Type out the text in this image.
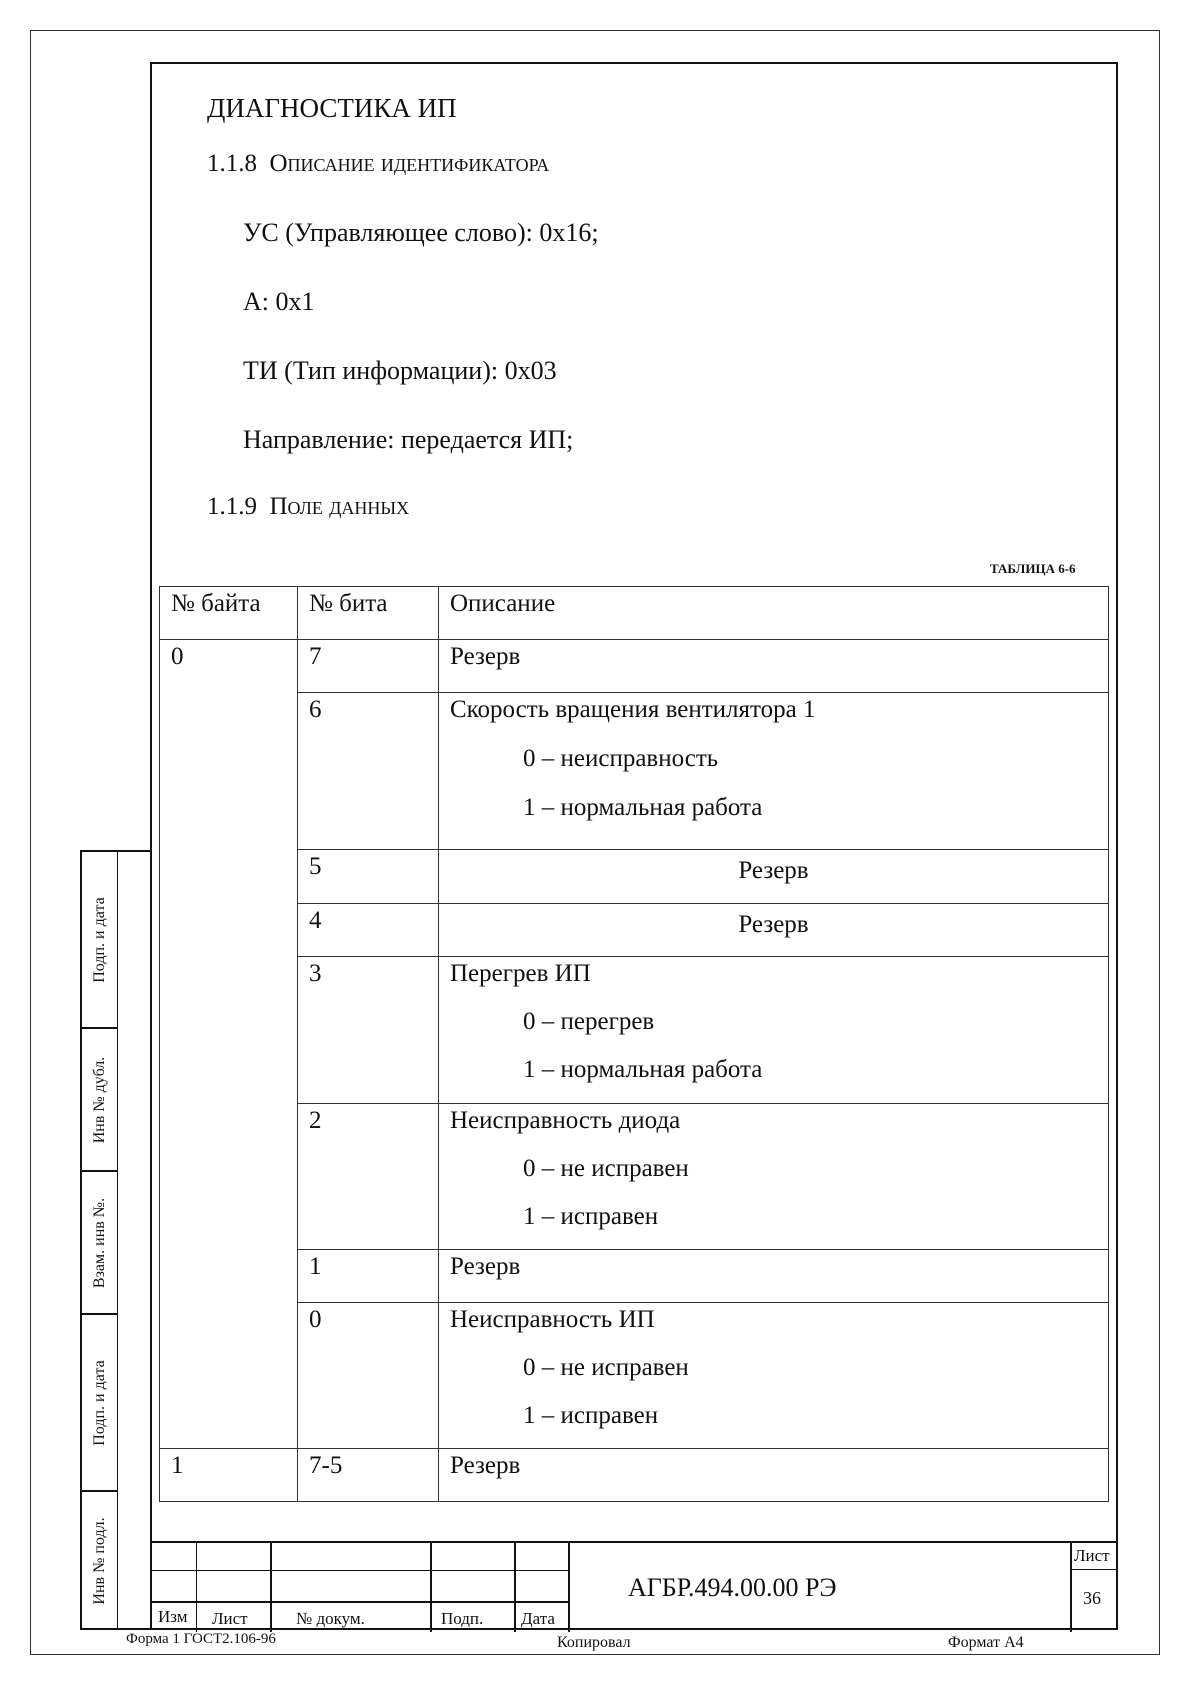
ДИАГНОСТИКА ИП
1.1.8 Описание идентификатора
УС (Управляющее слово): 0x16;
А: 0x1
ТИ (Тип информации): 0x03
Направление: передается ИП;
1.1.9 Поле данных
ТАБЛИЦА 6-6
№ байта	№ бита	Описание

0	7	Резерв

	6	Скорость вращения вентилятора 1
0 – неисправность
1 – нормальная работа

	5	Резерв

	4	Резерв

	3	Перегрев ИП
0 – перегрев
1 – нормальная работа

	2	Неисправность диода
0 – не исправен
1 – исправен

	1	Резерв

	0	Неисправность ИП
0 – не исправен
1 – исправен

1	7-5	Резерв
Подп. и дата
Инв № дубл.
Взам. инв №.
Подп. и дата
Инв № подл.
Изм Лист	№ докум.	Подп. Дата
АГБР.494.00.00 РЭ
Лист
36
Форма 1 ГОСТ2.106-96	Копировал	Формат А4
